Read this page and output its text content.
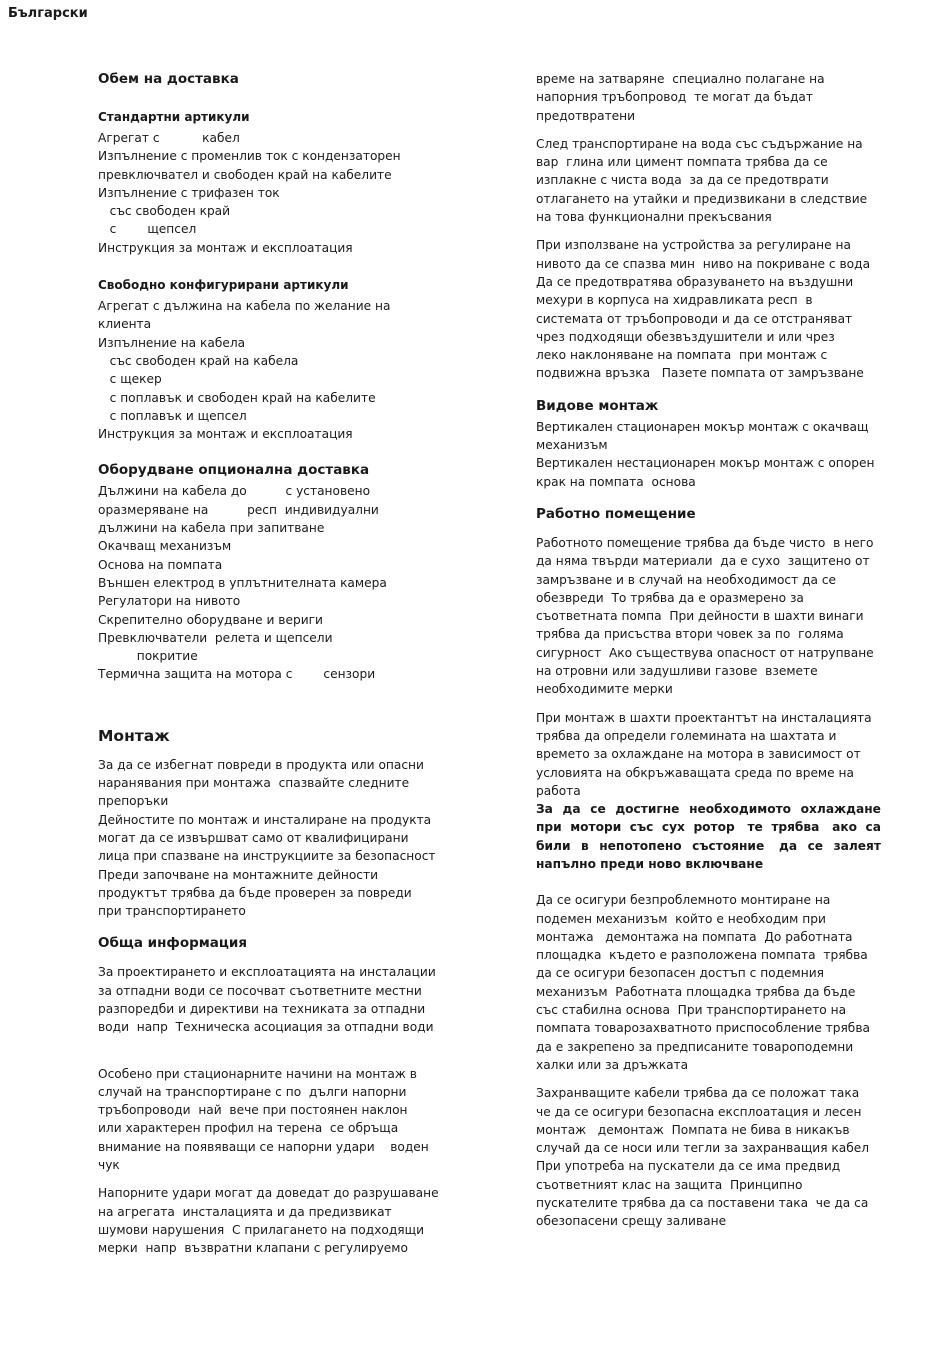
Български
Обем на доставка
Стандартни артикули
Агрегат с           кабел
Изпълнение с променлив ток с кондензаторен
превключвател и свободен край на кабелите
Изпълнение с трифазен ток
със свободен край
с        щепсел
Инструкция за монтаж и експлоатация
Свободно конфигурирани артикули
Агрегат с дължина на кабела по желание на
клиента
Изпълнение на кабела
със свободен край на кабела
с щекер
с поплавък и свободен край на кабелите
с поплавък и щепсел
Инструкция за монтаж и експлоатация
Оборудване опционална доставка
Дължини на кабела до          с установено
оразмеряване на          респ  индивидуални
дължини на кабела при запитване
Окачващ механизъм
Основа на помпата
Външен електрод в уплътнителната камера
Регулатори на нивото
Скрепително оборудване и вериги
Превключватели  релета и щепсели
покритие
Термична защита на мотора с        сензори
Монтаж
За да се избегнат повреди в продукта или опасни
наранявания при монтажа  спазвайте следните
препоръки
Дейностите по монтаж и инсталиране на продукта
могат да се извършват само от квалифицирани
лица при спазване на инструкциите за безопасност
Преди започване на монтажните дейности
продуктът трябва да бъде проверен за повреди
при транспортирането
Обща информация
За проектирането и експлоатацията на инсталации
за отпадни води се посочват съответните местни
разпоредби и директиви на техниката за отпадни
води  напр  Техническа асоциация за отпадни води
Особено при стационарните начини на монтаж в
случай на транспортиране с по  дълги напорни
тръбопроводи  най  вече при постоянен наклон
или характерен профил на терена  се обръща
внимание на появяващи се напорни удари    воден
чук
Напорните удари могат да доведат до разрушаване
на агрегата  инсталацията и да предизвикат
шумови нарушения  С прилагането на подходящи
мерки  напр  възвратни клапани с регулируемо
време на затваряне  специално полагане на
напорния тръбопровод  те могат да бъдат
предотвратени
След транспортиране на вода със съдържание на
вар  глина или цимент помпата трябва да се
изплакне с чиста вода  за да се предотврати
отлагането на утайки и предизвикани в следствие
на това функционални прекъсвания
При използване на устройства за регулиране на
нивото да се спазва мин  ниво на покриване с вода
Да се предотвратява образуването на въздушни
мехури в корпуса на хидравликата респ  в
системата от тръбопроводи и да се отстраняват
чрез подходящи обезвъздушители и или чрез
леко наклоняване на помпата  при монтаж с
подвижна връзка   Пазете помпата от замръзване
Видове монтаж
Вертикален стационарен мокър монтаж с окачващ
механизъм
Вертикален нестационарен мокър монтаж с опорен
крак на помпата  основа
Работно помещение
Работното помещение трябва да бъде чисто  в него
да няма твърди материали  да е сухо  защитено от
замръзване и в случай на необходимост да се
обезвреди  То трябва да е оразмерено за
съответната помпа  При дейности в шахти винаги
трябва да присъства втори човек за по  голяма
сигурност  Ако съществува опасност от натрупване
на отровни или задушливи газове  вземете
необходимите мерки
При монтаж в шахти проектантът на инсталацията
трябва да определи големината на шахтата и
времето за охлаждане на мотора в зависимост от
условията на обкръжаващата среда по време на
работа
За да се достигне необходимото охлаждане
при мотори със сух ротор те трябва ако са
били в непотопено състояние да се залеят
напълно преди ново включване
Да се осигури безпроблемното монтиране на
подемен механизъм  който е необходим при
монтажа   демонтажа на помпата  До работната
площадка  където е разположена помпата  трябва
да се осигури безопасен достъп с подемния
механизъм  Работната площадка трябва да бъде
със стабилна основа  При транспортирането на
помпата товарозахватното приспособление трябва
да е закрепено за предписаните товароподемни
халки или за дръжката
Захранващите кабели трябва да се положат така
че да се осигури безопасна експлоатация и лесен
монтаж   демонтаж  Помпата не бива в никакъв
случай да се носи или тегли за захранващия кабел
При употреба на пускатели да се има предвид
съответният клас на защита  Принципно
пускателите трябва да са поставени така  че да са
обезопасени срещу заливане
